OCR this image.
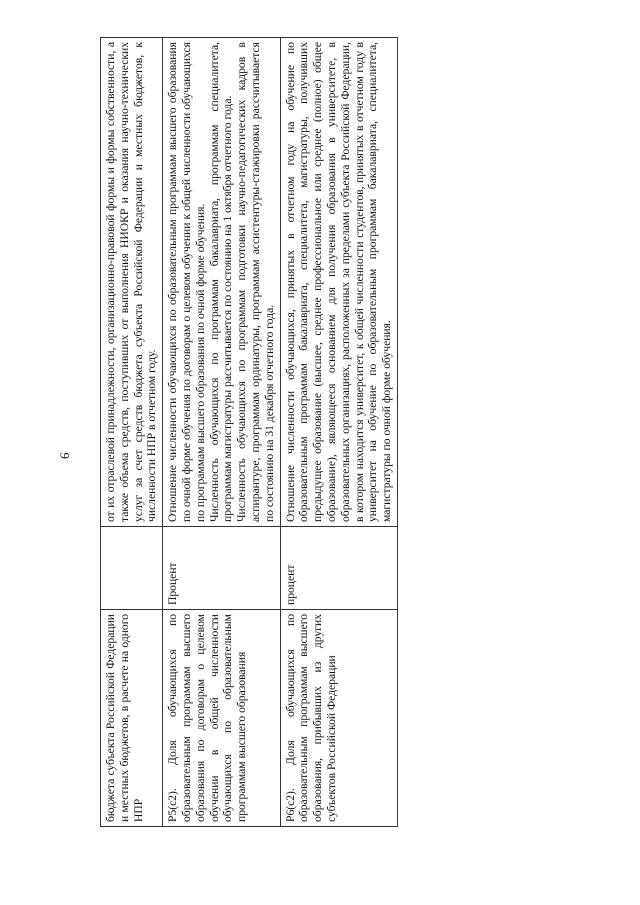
6
бюджета субъекта Российской Федерации и местных бюджетов, в расчете на одного НПР		от их отраслевой принадлежности, организационно-правовой формы и формы собственности, а также объема средств, поступивших от выполнения НИОКР и оказания научно-технических услуг за счет средств бюджета субъекта Российской Федерации и местных бюджетов, к численности НПР в отчетном году.

Р5(с2). Доля обучающихся по образовательным программам высшего образования по договорам о целевом обучении в общей численности обучающихся по образовательным программам высшего образования	Процент	Отношение численности обучающихся по образовательным программам высшего образования по очной форме обучения по договорам о целевом обучении к общей численности обучающихся по программам высшего образования по очной форме обучения.
Численность обучающихся по программам бакалавриата, программам специалитета, программам магистратуры рассчитывается по состоянию на 1 октября отчетного года.
Численность обучающихся по программам подготовки научно-педагогических кадров в аспирантуре, программам ординатуры, программам ассистентуры-стажировки рассчитывается по состоянию на 31 декабря отчетного года.

Р6(с2). Доля обучающихся по образовательным программам высшего образования, прибывших из других субъектов Российской Федерации	процент	Отношение численности обучающихся, принятых в отчетном году на обучение по образовательным программам бакалавриата, специалитета, магистратуры, получивших предыдущее образование (высшее, среднее профессиональное или среднее (полное) общее образование), являющееся основанием для получения образования в университете, в образовательных организациях, расположенных за пределами субъекта Российской Федерации, в котором находится университет, к общей численности студентов, принятых в отчетном году в университет на обучение по образовательным программам бакалавриата, специалитета, магистратуры по очной форме обучения.
